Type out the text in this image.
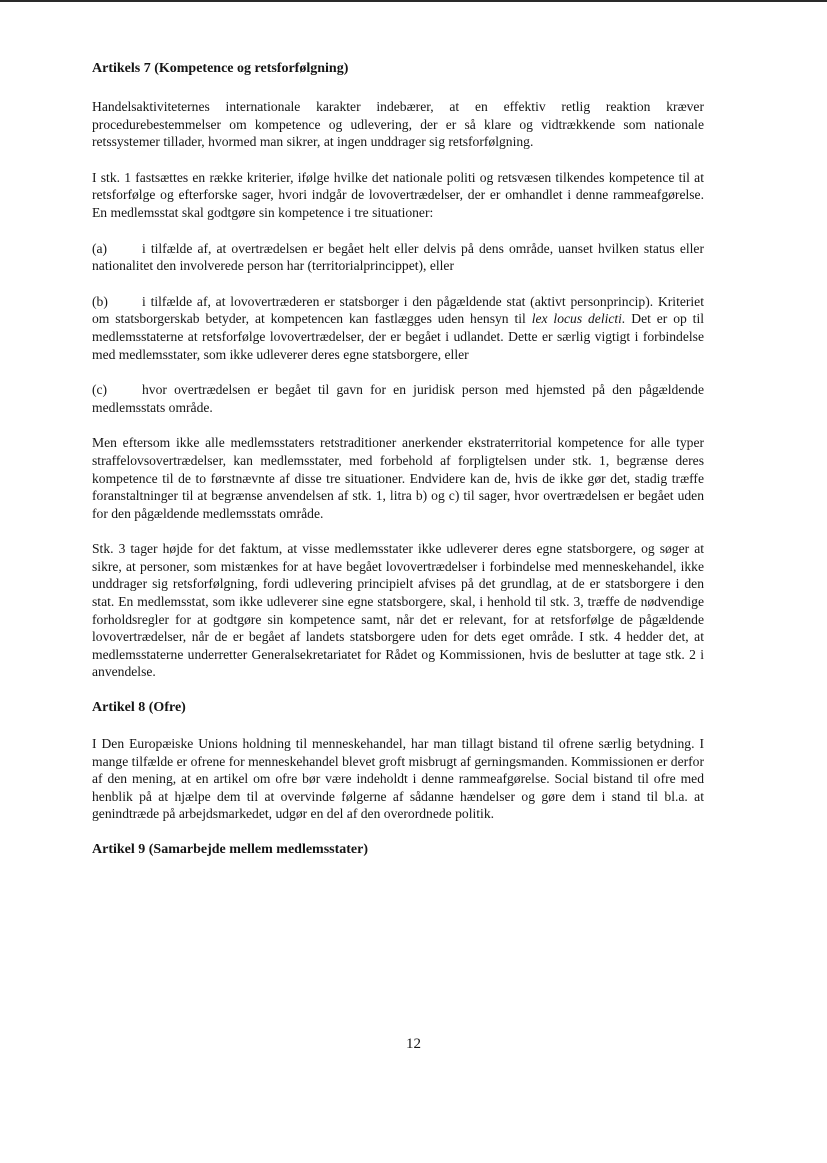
Artikels 7 (Kompetence og retsforfølgning)

Handelsaktiviteternes internationale karakter indebærer, at en effektiv retlig reaktion kræver procedurebestemmelser om kompetence og udlevering, der er så klare og vidtrækkende som nationale retssystemer tillader, hvormed man sikrer, at ingen unddrager sig retsforfølgning.

I stk. 1 fastsættes en række kriterier, ifølge hvilke det nationale politi og retsvæsen tilkendes kompetence til at retsforfølge og efterforske sager, hvori indgår de lovovertrædelser, der er omhandlet i denne rammeafgørelse. En medlemsstat skal godtgøre sin kompetence i tre situationer:

(a)	i tilfælde af, at overtrædelsen er begået helt eller delvis på dens område, uanset hvilken status eller nationalitet den involverede person har (territorialprincippet), eller

(b)	i tilfælde af, at lovovertræderen er statsborger i den pågældende stat (aktivt personprincip). Kriteriet om statsborgerskab betyder, at kompetencen kan fastlægges uden hensyn til lex locus delicti. Det er op til medlemsstaterne at retsforfølge lovovertrædelser, der er begået i udlandet. Dette er særlig vigtigt i forbindelse med medlemsstater, som ikke udleverer deres egne statsborgere, eller

(c)	hvor overtrædelsen er begået til gavn for en juridisk person med hjemsted på den pågældende medlemsstats område.

Men eftersom ikke alle medlemsstaters retstraditioner anerkender ekstraterritorial kompetence for alle typer straffelovsovertrædelser, kan medlemsstater, med forbehold af forpligtelsen under stk. 1, begrænse deres kompetence til de to førstnævnte af disse tre situationer. Endvidere kan de, hvis de ikke gør det, stadig træffe foranstaltninger til at begrænse anvendelsen af stk. 1, litra b) og c) til sager, hvor overtrædelsen er begået uden for den pågældende medlemsstats område.

Stk. 3 tager højde for det faktum, at visse medlemsstater ikke udleverer deres egne statsborgere, og søger at sikre, at personer, som mistænkes for at have begået lovovertrædelser i forbindelse med menneskehandel, ikke unddrager sig retsforfølgning, fordi udlevering principielt afvises på det grundlag, at de er statsborgere i den stat. En medlemsstat, som ikke udleverer sine egne statsborgere, skal, i henhold til stk. 3, træffe de nødvendige forholdsregler for at godtgøre sin kompetence samt, når det er relevant, for at retsforfølge de pågældende lovovertrædelser, når de er begået af landets statsborgere uden for dets eget område. I stk. 4 hedder det, at medlemsstaterne underretter Generalsekretariatet for Rådet og Kommissionen, hvis de beslutter at tage stk. 2 i anvendelse.

Artikel 8 (Ofre)

I Den Europæiske Unions holdning til menneskehandel, har man tillagt bistand til ofrene særlig betydning. I mange tilfælde er ofrene for menneskehandel blevet groft misbrugt af gerningsmanden. Kommissionen er derfor af den mening, at en artikel om ofre bør være indeholdt i denne rammeafgørelse. Social bistand til ofre med henblik på at hjælpe dem til at overvinde følgerne af sådanne hændelser og gøre dem i stand til bl.a. at genindtræde på arbejdsmarkedet, udgør en del af den overordnede politik.

Artikel 9 (Samarbejde mellem medlemsstater)
12
